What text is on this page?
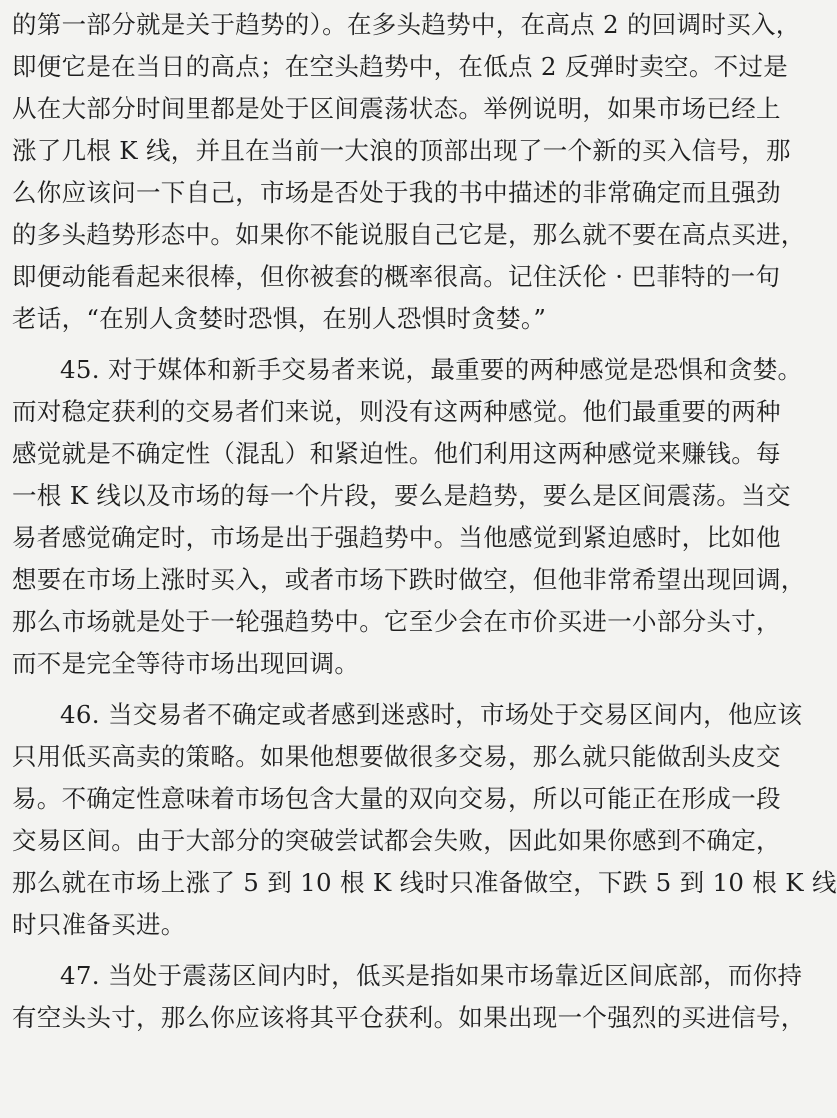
的第一部分就是关于趋势的）。在多头趋势中，在高点 2 的回调时买入，
即便它是在当日的高点；在空头趋势中，在低点 2 反弹时卖空。不过是
从在大部分时间里都是处于区间震荡状态。举例说明，如果市场已经上
涨了几根 K 线，并且在当前一大浪的顶部出现了一个新的买入信号，那
么你应该问一下自己，市场是否处于我的书中描述的非常确定而且强劲
的多头趋势形态中。如果你不能说服自己它是，那么就不要在高点买进，
即便动能看起来很棒，但你被套的概率很高。记住沃伦 · 巴菲特的一句
老话，“在别人贪婪时恐惧，在别人恐惧时贪婪。”
45. 对于媒体和新手交易者来说，最重要的两种感觉是恐惧和贪婪。
而对稳定获利的交易者们来说，则没有这两种感觉。他们最重要的两种
感觉就是不确定性（混乱）和紧迫性。他们利用这两种感觉来赚钱。每
一根 K 线以及市场的每一个片段，要么是趋势，要么是区间震荡。当交
易者感觉确定时，市场是出于强趋势中。当他感觉到紧迫感时，比如他
想要在市场上涨时买入，或者市场下跌时做空，但他非常希望出现回调，
那么市场就是处于一轮强趋势中。它至少会在市价买进一小部分头寸，
而不是完全等待市场出现回调。
46. 当交易者不确定或者感到迷惑时，市场处于交易区间内，他应该
只用低买高卖的策略。如果他想要做很多交易，那么就只能做刮头皮交
易。不确定性意味着市场包含大量的双向交易，所以可能正在形成一段
交易区间。由于大部分的突破尝试都会失败，因此如果你感到不确定，
那么就在市场上涨了 5 到 10 根 K 线时只准备做空，下跌 5 到 10 根 K 线
时只准备买进。
47. 当处于震荡区间内时，低买是指如果市场靠近区间底部，而你持
有空头头寸，那么你应该将其平仓获利。如果出现一个强烈的买进信号，
